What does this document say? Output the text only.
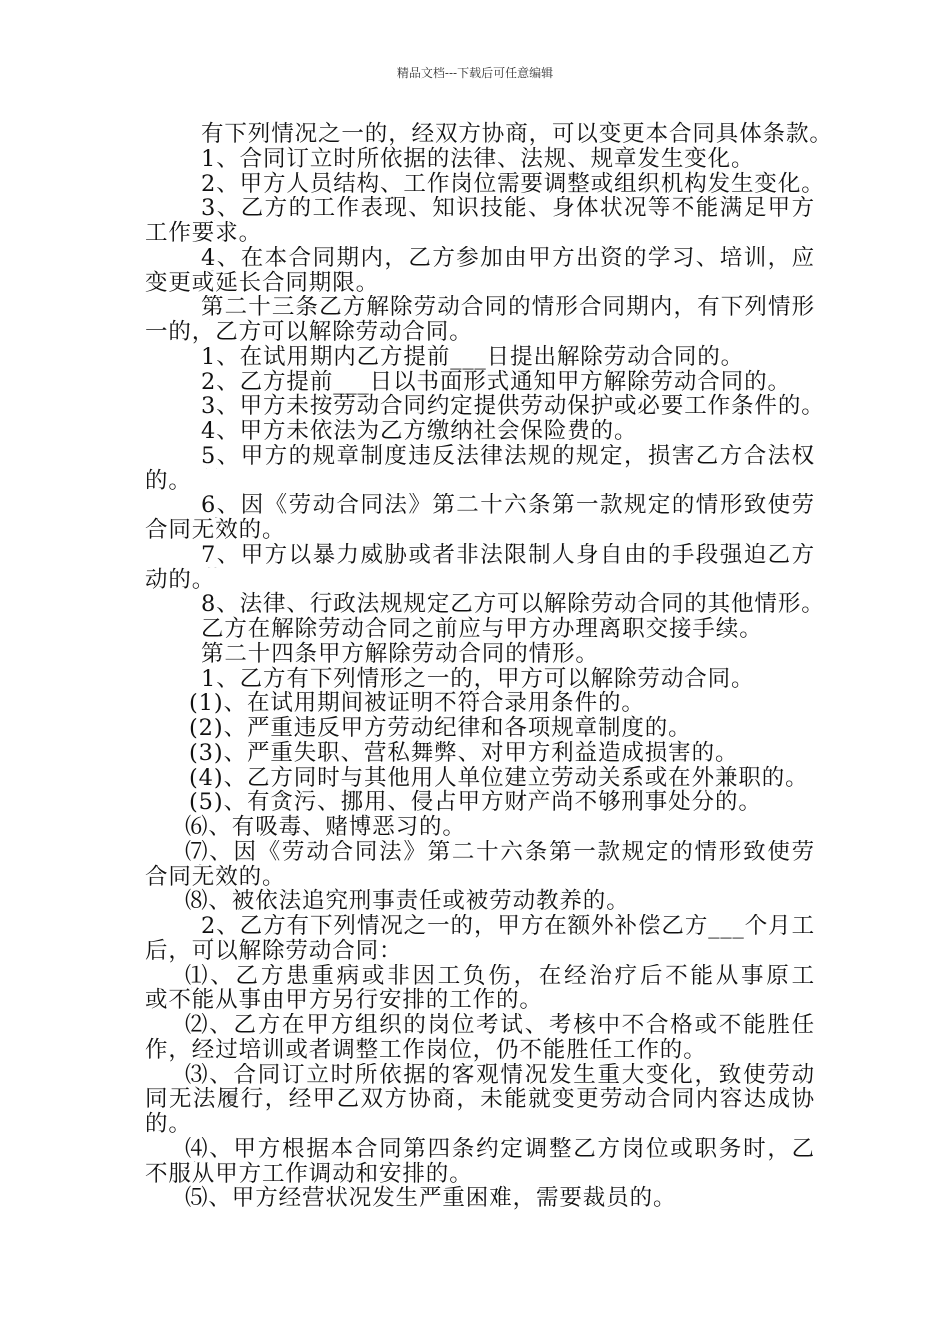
精品文档---下载后可任意编辑
有下列情况之一的，经双方协商，可以变更本合同具体条款。
1、合同订立时所依据的法律、法规、规章发生变化。
2、甲方人员结构、工作岗位需要调整或组织机构发生变化。
3、乙方的工作表现、知识技能、身体状况等不能满足甲方
工作要求。
4、在本合同期内，乙方参加由甲方出资的学习、培训，应
变更或延长合同期限。
第二十三条乙方解除劳动合同的情形合同期内，有下列情形
一的，乙方可以解除劳动合同。
1、在试用期内乙方提前___日提出解除劳动合同的。
2、乙方提前___日以书面形式通知甲方解除劳动合同的。
3、甲方未按劳动合同约定提供劳动保护或必要工作条件的。
4、甲方未依法为乙方缴纳社会保险费的。
5、甲方的规章制度违反法律法规的规定，损害乙方合法权
的。
6、因《劳动合同法》第二十六条第一款规定的情形致使劳
合同无效的。
7、甲方以暴力威胁或者非法限制人身自由的手段强迫乙方
动的。
8、法律、行政法规规定乙方可以解除劳动合同的其他情形。
乙方在解除劳动合同之前应与甲方办理离职交接手续。
第二十四条甲方解除劳动合同的情形。
1、乙方有下列情形之一的，甲方可以解除劳动合同。
(1)、在试用期间被证明不符合录用条件的。
(2)、严重违反甲方劳动纪律和各项规章制度的。
(3)、严重失职、营私舞弊、对甲方利益造成损害的。
(4)、乙方同时与其他用人单位建立劳动关系或在外兼职的。
(5)、有贪污、挪用、侵占甲方财产尚不够刑事处分的。
⑹、有吸毒、赌博恶习的。
⑺、因《劳动合同法》第二十六条第一款规定的情形致使劳
合同无效的。
⑻、被依法追究刑事责任或被劳动教养的。
2、乙方有下列情况之一的，甲方在额外补偿乙方___个月工
后，可以解除劳动合同：
⑴、乙方患重病或非因工负伤，在经治疗后不能从事原工
或不能从事由甲方另行安排的工作的。
⑵、乙方在甲方组织的岗位考试、考核中不合格或不能胜任
作，经过培训或者调整工作岗位，仍不能胜任工作的。
⑶、合同订立时所依据的客观情况发生重大变化，致使劳动
同无法履行，经甲乙双方协商，未能就变更劳动合同内容达成协
的。
⑷、甲方根据本合同第四条约定调整乙方岗位或职务时，乙
不服从甲方工作调动和安排的。
⑸、甲方经营状况发生严重困难，需要裁员的。
